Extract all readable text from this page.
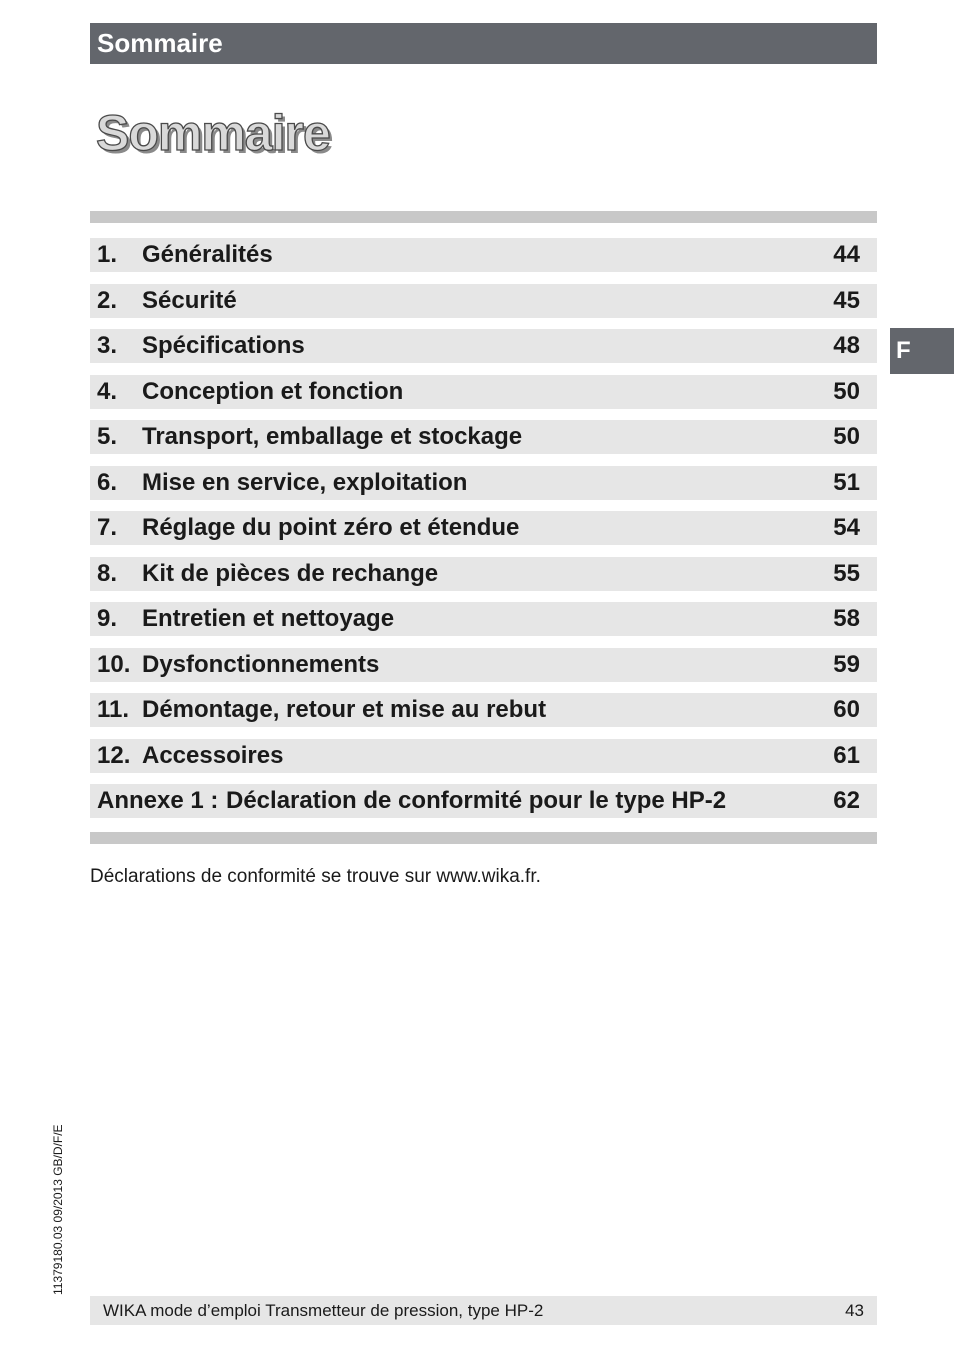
Sommaire
Sommaire
1. Généralités	44
2. Sécurité	45
3. Spécifications	48
4. Conception et fonction	50
5. Transport, emballage et stockage	50
6. Mise en service, exploitation	51
7. Réglage du point zéro et étendue	54
8. Kit de pièces de rechange	55
9. Entretien et nettoyage	58
10. Dysfonctionnements	59
11. Démontage, retour et mise au rebut	60
12. Accessoires	61
Annexe 1 : Déclaration de conformité pour le type HP-2	62
Déclarations de conformité se trouve sur www.wika.fr.
F
11379180.03 09/2013 GB/D/F/E
WIKA mode d’emploi Transmetteur de pression, type HP-2	43
